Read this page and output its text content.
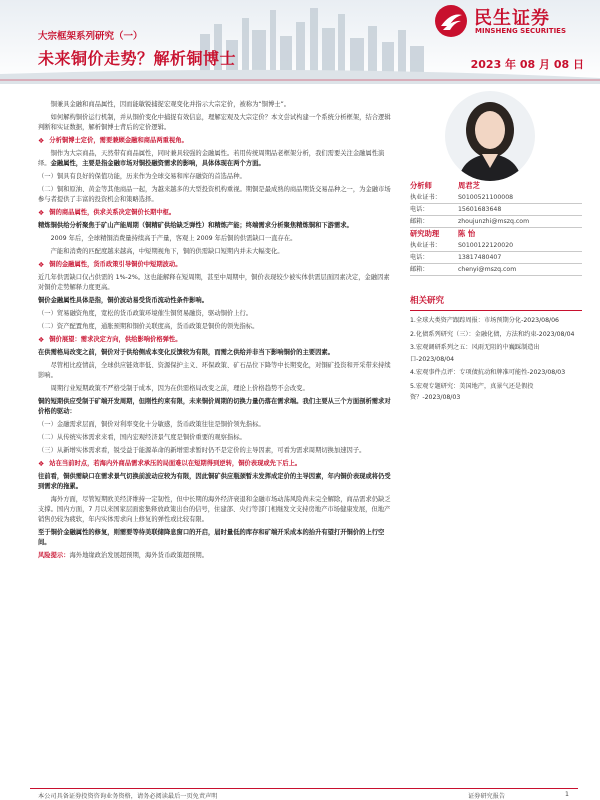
大宗框架系列研究（一）
未来铜价走势？解析铜博士	2023 年 08 月 08 日
民生证券
MINSHENG SECURITIES

铜兼具金融和商品属性，因而能敏锐捕捉宏观变化并指示大宗定价，被称为“铜博士”。

如何解构铜价运行机制，并从铜价变化中捕捉有效信息，理解宏观及大宗定价？本文尝试构建一个系统分析框架，结合逻辑判断和实证数据，解析铜博士背后的定价逻辑。

❖ 分析铜博士定价，需要兼顾金融和商品两重视角。

铜作为大宗商品，天然带有商品属性，同时兼具较强的金融属性。若用传统周期品老框架分析，我们需要关注金融属性演绎。金融属性，主要是指金融市场对铜投融资需求的影响，具体体现在两个方面。

（一）铜具有良好的保值功能，历来作为全球交易和库存融资的首选品种。

（二）铜和原油、黄金等其他商品一起，为越来越多的大型投资机构重视。期铜是最成熟的商品期货交易品种之一，为金融市场参与者提供了丰富的投资机会和策略选择。

❖ 铜的商品属性，供求关系决定铜价长期中枢。

精炼铜供给分析聚焦于矿山产能周期（铜精矿供给缺乏弹性）和精炼产能；终端需求分析聚焦精炼铜和下游需求。

2009 年后，全球精铜消费量持续高于产量，客观上 2009 年后铜的供需缺口一直存在。

产能和消费的匹配度越来越高，中短期视角下，铜的供需缺口短期内并未大幅变化。

❖ 铜的金融属性，货币政策引导铜价中短期波动。

近几年供需缺口仅占供需的 1%-2%。这也能解释在短周期，甚至中周期中，铜价表现较少被实体供需层面因素决定，金融因素对铜价走势解释力度更高。

铜价金融属性具体是指，铜价波动易受货币流动性条件影响。

（一）贸易融资角度，宽松的货币政策环境催生铜贸易融资，驱动铜价上行。

（二）资产配置角度，通胀预期和铜价关联度高，货币政策是铜价的领先指标。

❖ 铜价展望：需求决定方向，供给影响价格弹性。

在供需格局改变之前，铜价对于供给侧成本变化反馈较为有限，而需之供给并非当下影响铜价的主要因素。

尽管相比疫情前，全球供应链效率低、资源保护主义、环保政策、矿石品位下降等中长期变化，对铜矿投资和开采带来持续影响。

周期行业短期政策不严格受制于成本，因为在供需格局改变之前，理论上价格趋势不会改变。

铜的短期供应受制于矿端开发周期，但刚性约束有限，未来铜价周期的切换力量仍落在需求端。我们主要从三个方面剖析需求对价格的驱动：

（一）金融需求层面，铜价对利率变化十分敏感，货币政策往往是铜价领先指标。

（二）从传统实体需求来看，国内宏观经济景气度是铜价重要的观察指标。

（三）从新增实体需求看，锐受益于能源革命的新增需求暂时仍不是定价的主导因素，可看为需求周期切换加速因子。

❖ 站在当前时点，若海内外商品需求承压的局面难以在短期得到逆转，铜价表现或先下后上。

往前看，铜供需缺口在需求景气切换前波动应较为有限，因此铜矿供应瓶颈暂未发挥成定价的主导因素，年内铜价表现或将仍受到需求的拖累。

海外方面，尽管短期欧美经济维持一定韧性，但中长期的海外经济衰退和金融市场动荡风险尚未完全解除，商品需求仍缺乏支撑。国内方面，7 月以来国家层面密集释放政策出台的信号，住建部、央行等部门相继发文支持房地产市场健康发展，但地产销售仍较为疲软，年内实体需求向上修复的弹性或比较有限。

至于铜价金融属性的修复，则需要等待美联储降息窗口的开启，届时量低的库存和矿端开采成本的抬升有望打开铜价的上行空间。

风险提示：海外地缘政治发展超预期，海外货币政策超预期。

分析师	周君芝
执业证书：	S0100521100008
电话：	15601683648
邮箱：	zhoujunzhi@mszq.com
研究助理	陈 怡
执业证书：	S0100122120020
电话：	13817480407
邮箱：	chenyi@mszq.com
相关研究
1.全球大类资产跟踪周报：市场预期分化-2023/08/06
2.化债系列研究（三）：金融化债，方法和约束-2023/08/04
3.宏观调研系列之五：风雨无阻的中巍踩制造出口-2023/08/04
4.宏观事件点评：专项债抗动和牌准可能性-2023/08/03
5.宏观专题研究：美国地产，真景气还是假投资？-2023/08/03
本公司具备证券投资咨询业务资格，请务必阅读最后一页免责声明	证券研究报告	1
